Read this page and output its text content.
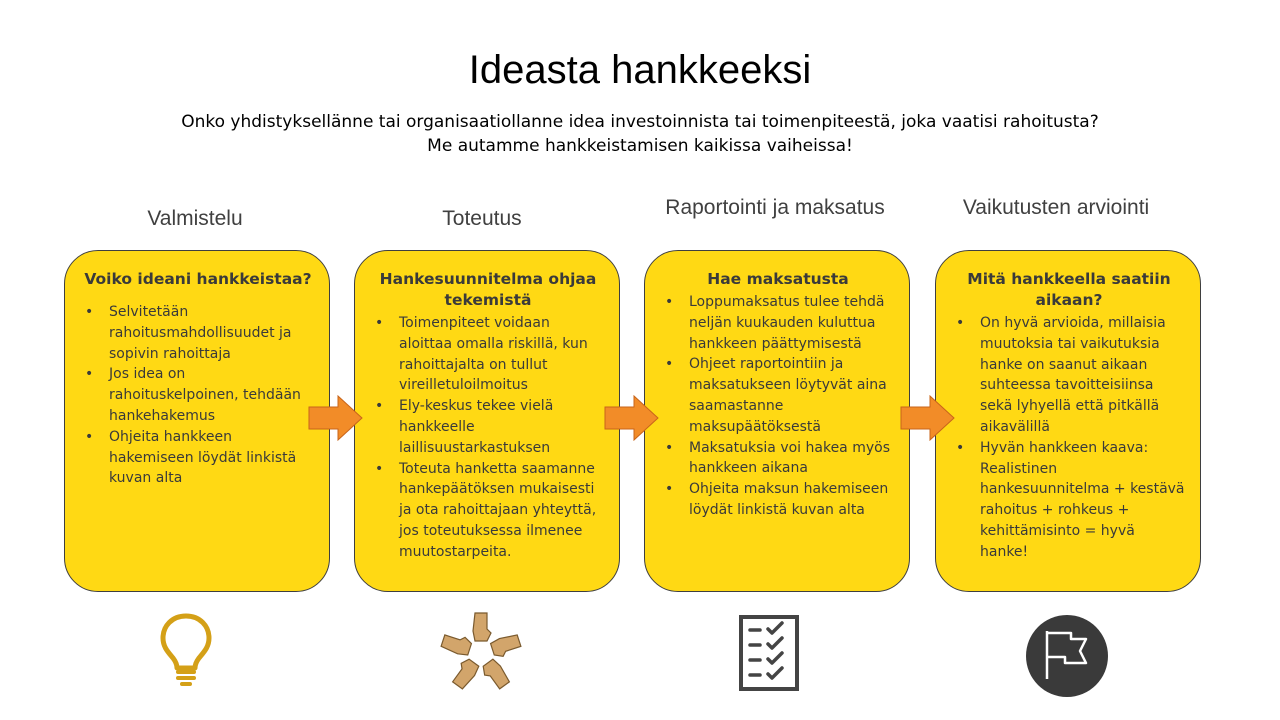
Ideasta hankkeeksi
Onko yhdistyksellänne tai organisaatiollanne idea investoinnista tai toimenpiteestä, joka vaatisi rahoitusta?
Me autamme hankkeistamisen kaikissa vaiheissa!
Valmistelu	Toteutus	Raportointi ja maksatus	Vaikutusten arviointi
Voiko ideani hankkeistaa?
• Selvitetään rahoitusmahdollisuudet ja sopivin rahoittaja
• Jos idea on rahoituskelpoinen, tehdään hankehakemus
• Ohjeita hankkeen hakemiseen löydät linkistä kuvan alta
Hankesuunnitelma ohjaa tekemistä
• Toimenpiteet voidaan aloittaa omalla riskillä, kun rahoittajalta on tullut vireilletuloilmoitus
• Ely-keskus tekee vielä hankkeelle laillisuustarkastuksen
• Toteuta hanketta saamanne hankepäätöksen mukaisesti ja ota rahoittajaan yhteyttä, jos toteutuksessa ilmenee muutostarpeita.
Hae maksatusta
• Loppumaksatus tulee tehdä neljän kuukauden kuluttua hankkeen päättymisestä
• Ohjeet raportointiin ja maksatukseen löytyvät aina saamastanne maksupäätöksestä
• Maksatuksia voi hakea myös hankkeen aikana
• Ohjeita maksun hakemiseen löydät linkistä kuvan alta
Mitä hankkeella saatiin aikaan?
• On hyvä arvioida, millaisia muutoksia tai vaikutuksia hanke on saanut aikaan suhteessa tavoitteisiinsa sekä lyhyellä että pitkällä aikavälillä
• Hyvän hankkeen kaava: Realistinen hankesuunnitelma + kestävä rahoitus + rohkeus + kehittämisinto = hyvä hanke!
